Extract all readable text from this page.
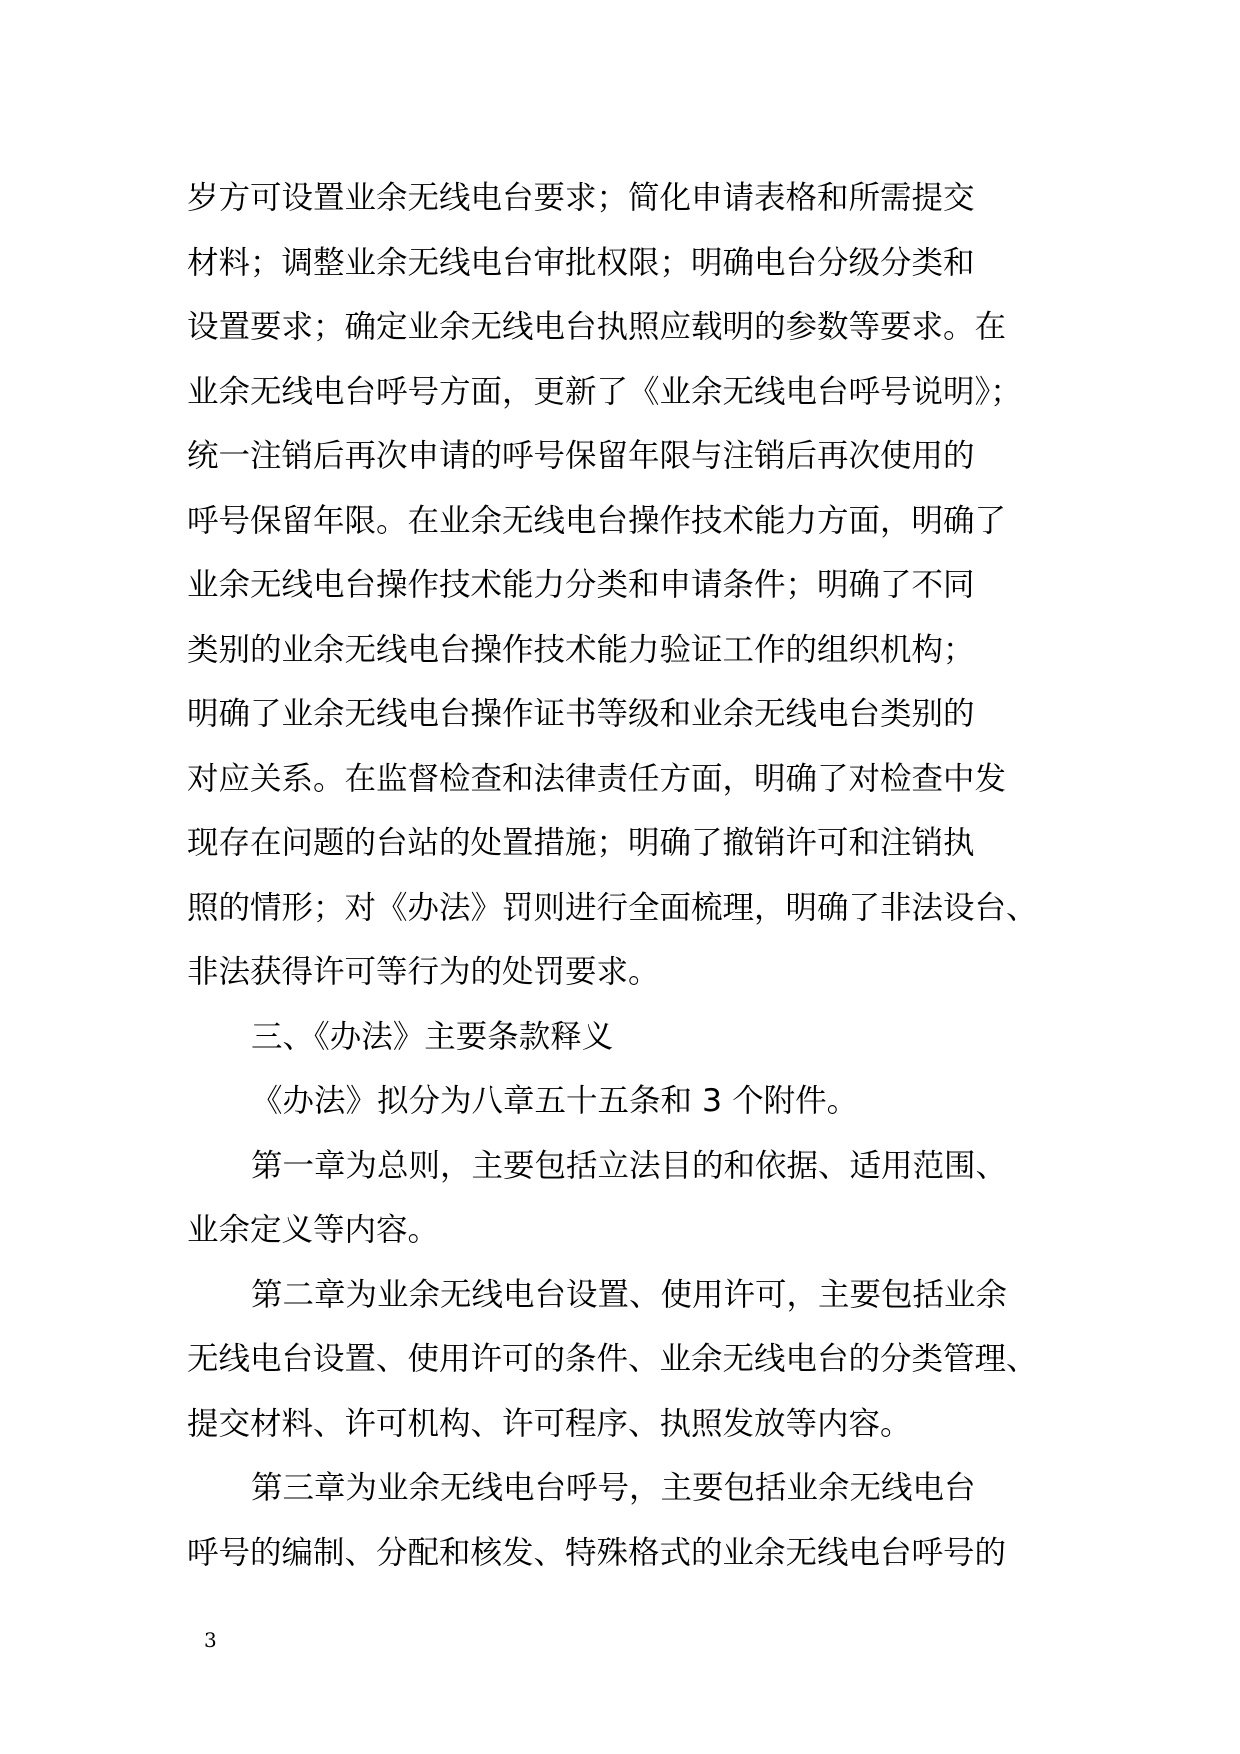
岁方可设置业余无线电台要求；简化申请表格和所需提交
材料；调整业余无线电台审批权限；明确电台分级分类和
设置要求；确定业余无线电台执照应载明的参数等要求。在
业余无线电台呼号方面，更新了《业余无线电台呼号说明》；
统一注销后再次申请的呼号保留年限与注销后再次使用的
呼号保留年限。在业余无线电台操作技术能力方面，明确了
业余无线电台操作技术能力分类和申请条件；明确了不同
类别的业余无线电台操作技术能力验证工作的组织机构；
明确了业余无线电台操作证书等级和业余无线电台类别的
对应关系。在监督检查和法律责任方面，明确了对检查中发
现存在问题的台站的处置措施；明确了撤销许可和注销执
照的情形；对《办法》罚则进行全面梳理，明确了非法设台、
非法获得许可等行为的处罚要求。
三、《办法》主要条款释义
《办法》拟分为八章五十五条和 3 个附件。
第一章为总则，主要包括立法目的和依据、适用范围、
业余定义等内容。
第二章为业余无线电台设置、使用许可，主要包括业余
无线电台设置、使用许可的条件、业余无线电台的分类管理、
提交材料、许可机构、许可程序、执照发放等内容。
第三章为业余无线电台呼号，主要包括业余无线电台
呼号的编制、分配和核发、特殊格式的业余无线电台呼号的
3
